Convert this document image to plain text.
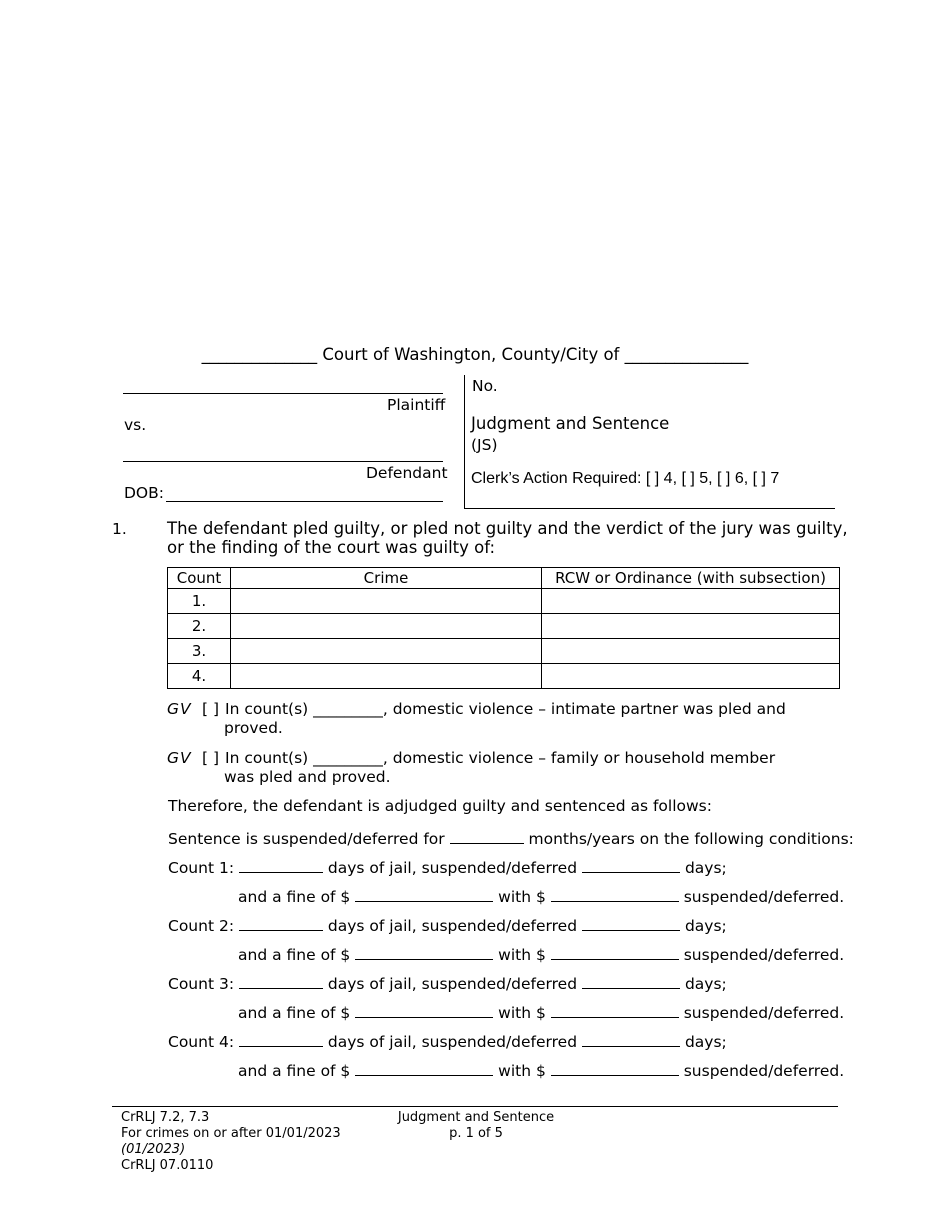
______________ Court of Washington, County/City of _______________
Plaintiff
vs.
Defendant
DOB:
No.
Judgment and Sentence
(JS)
Clerk’s Action Required: [ ] 4, [ ] 5, [ ] 6, [ ] 7
1. The defendant pled guilty, or pled not guilty and the verdict of the jury was guilty,
or the finding of the court was guilty of:
Count	Crime	RCW or Ordinance (with subsection)
1.		
2.		
3.		
4.		
GV [ ] In count(s) _________, domestic violence – intimate partner was pled and
proved.
GV [ ] In count(s) _________, domestic violence – family or household member
was pled and proved.
Therefore, the defendant is adjudged guilty and sentenced as follows:
Sentence is suspended/deferred for	months/years on the following conditions:
Count 1:	days of jail, suspended/deferred	days;
and a fine of $	with $	suspended/deferred.
Count 2:	days of jail, suspended/deferred	days;
and a fine of $	with $	suspended/deferred.
Count 3:	days of jail, suspended/deferred	days;
and a fine of $	with $	suspended/deferred.
Count 4:	days of jail, suspended/deferred	days;
and a fine of $	with $	suspended/deferred.
CrRLJ 7.2, 7.3
For crimes on or after 01/01/2023
(01/2023)
CrRLJ 07.0110
Judgment and Sentence
p. 1 of 5
